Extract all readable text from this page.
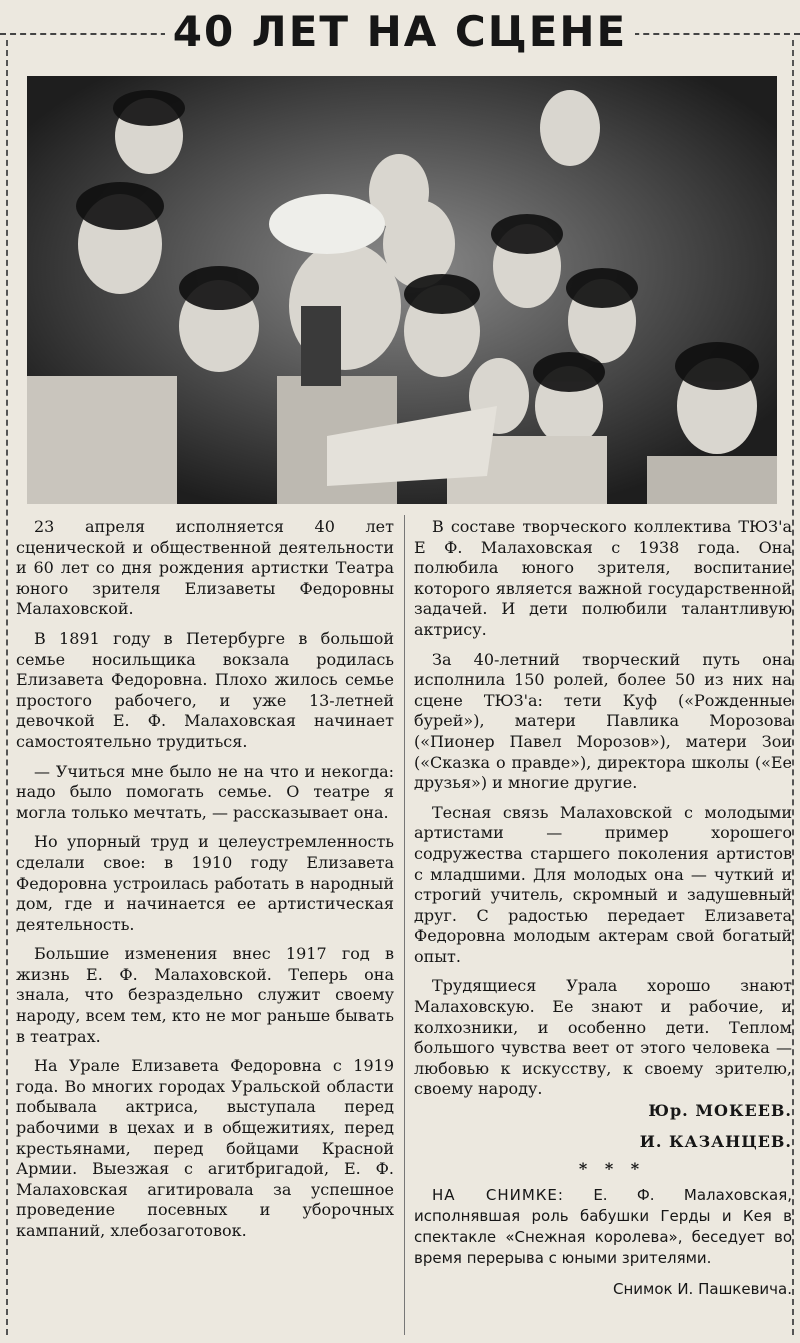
40 ЛЕТ НА СЦЕНЕ

23 апреля исполняется 40 лет сценической и общественной деятельности и 60 лет со дня рождения артистки Театра юного зрителя Елизаветы Федоровны Малаховской.

В 1891 году в Петербурге в большой семье носильщика вокзала родилась Елизавета Федоровна. Плохо жилось семье простого рабочего, и уже 13-летней девочкой Е. Ф. Малаховская начинает самостоятельно трудиться.

— Учиться мне было не на что и некогда: надо было помогать семье. О театре я могла только мечтать, — рассказывает она.

Но упорный труд и целеустремленность сделали свое: в 1910 году Елизавета Федоровна устроилась работать в народный дом, где и начинается ее артистическая деятельность.

Большие изменения внес 1917 год в жизнь Е. Ф. Малаховской. Теперь она знала, что безраздельно служит своему народу, всем тем, кто не мог раньше бывать в театрах.

На Урале Елизавета Федоровна с 1919 года. Во многих городах Уральской области побывала актриса, выступала перед рабочими в цехах и в общежитиях, перед крестьянами, перед бойцами Красной Армии. Выезжая с агитбригадой, Е. Ф. Малаховская агитировала за успешное проведение посевных и уборочных кампаний, хлебозаготовок.

В составе творческого коллектива ТЮЗ'а Е Ф. Малаховская с 1938 года. Она полюбила юного зрителя, воспитание которого является важной государственной задачей. И дети полюбили талантливую актрису.

За 40-летний творческий путь она исполнила 150 ролей, более 50 из них на сцене ТЮЗ'а: тети Куф («Рожденные бурей»), матери Павлика Морозова («Пионер Павел Морозов»), матери Зои («Сказка о правде»), директора школы («Ее друзья») и многие другие.

Тесная связь Малаховской с молодыми артистами — пример хорошего содружества старшего поколения артистов с младшими. Для молодых она — чуткий и строгий учитель, скромный и задушевный друг. С радостью передает Елизавета Федоровна молодым актерам свой богатый опыт.

Трудящиеся Урала хорошо знают Малаховскую. Ее знают и рабочие, и колхозники, и особенно дети. Теплом большого чувства веет от этого человека — любовью к искусству, к своему зрителю, своему народу.

Юр. МОКЕЕВ.

И. КАЗАНЦЕВ.

* * *

НА СНИМКЕ: Е. Ф. Малаховская, исполнявшая роль бабушки Герды и Кея в спектакле «Снежная королева», беседует во время перерыва с юными зрителями.

Снимок И. Пашкевича.
